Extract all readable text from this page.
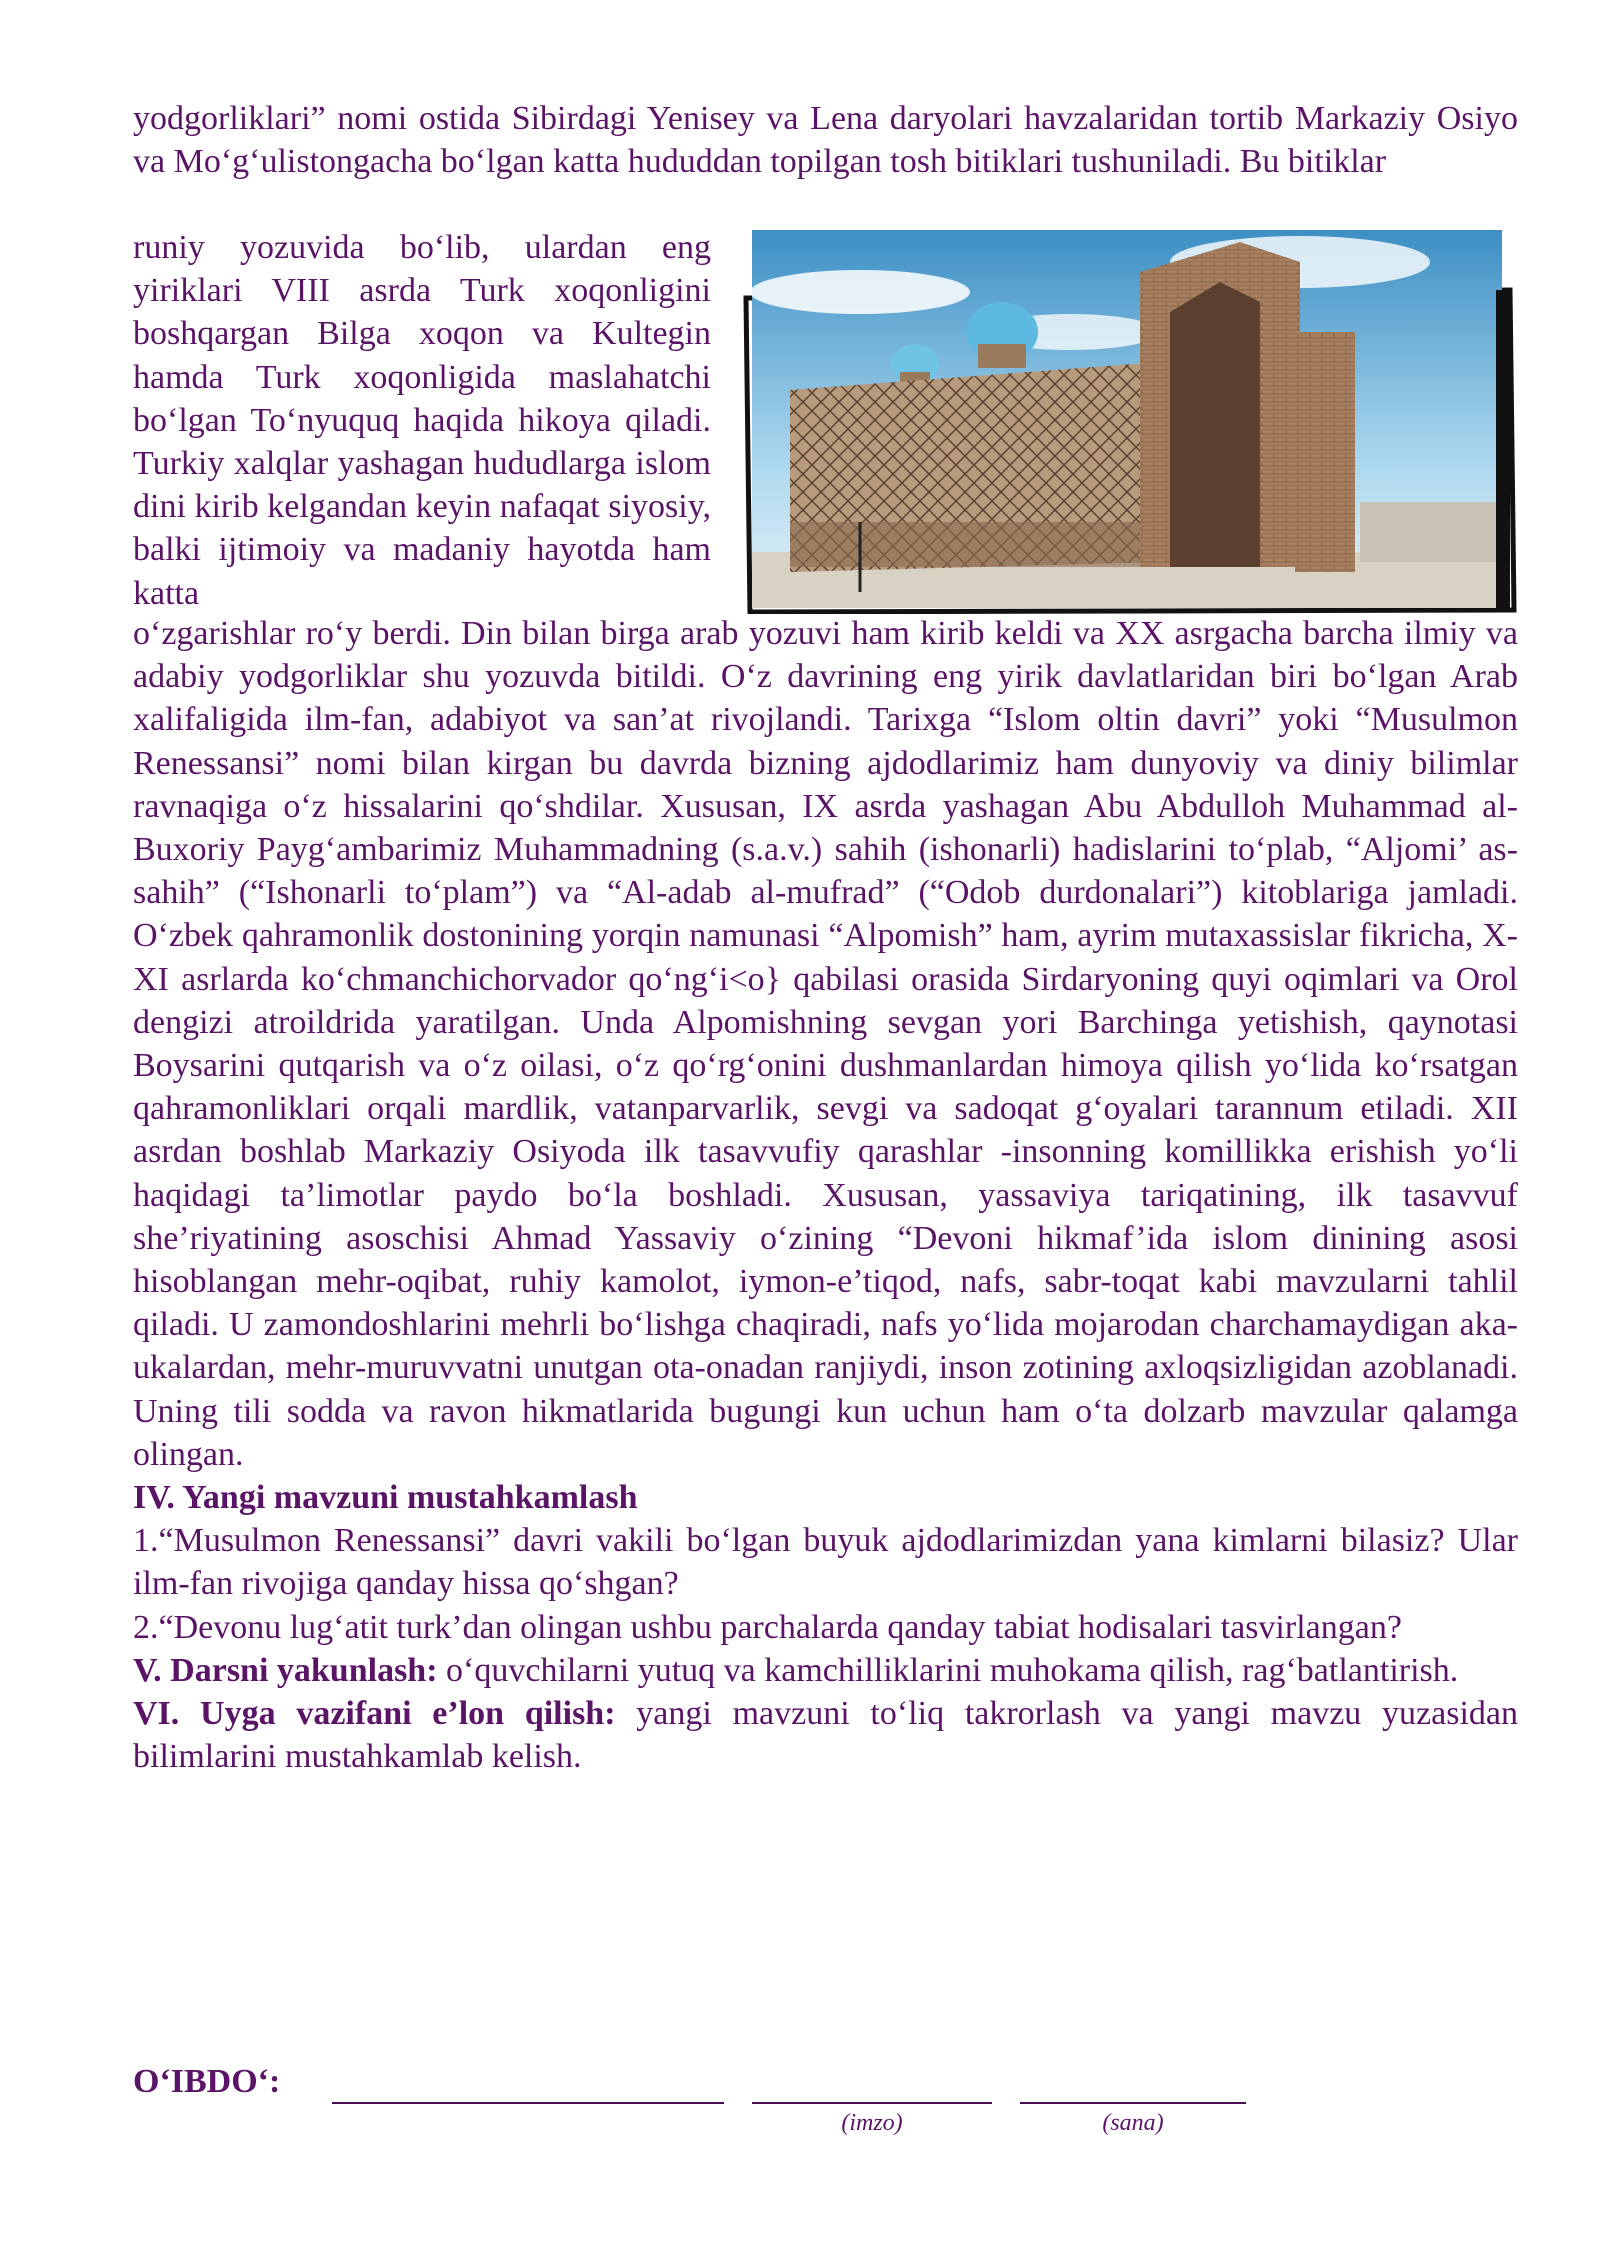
yodgorliklari” nomi ostida Sibirdagi Yenisey va Lena daryolari havzalaridan tortib Markaziy Osiyo va Mo‘g‘ulistongacha bo‘lgan katta hududdan topilgan tosh bitiklari tushuniladi. Bu bitiklar

runiy yozuvida bo‘lib, ulardan eng yiriklari VIII asrda Turk xoqonligini boshqargan Bilga xoqon va Kultegin hamda Turk xoqonligida maslahatchi bo‘lgan To‘nyuquq haqida hikoya qiladi. Turkiy xalqlar yashagan hududlarga islom dini kirib kelgandan keyin nafaqat siyosiy, balki ijtimoiy va madaniy hayotda ham katta

o‘zgarishlar ro‘y berdi. Din bilan birga arab yozuvi ham kirib keldi va XX asrgacha barcha ilmiy va adabiy yodgorliklar shu yozuvda bitildi. O‘z davrining eng yirik davlatlaridan biri bo‘lgan Arab xalifaligida ilm-fan, adabiyot va san’at rivojlandi. Tarixga “Islom oltin davri” yoki “Musulmon Renessansi” nomi bilan kirgan bu davrda bizning ajdodlarimiz ham dunyoviy va diniy bilimlar ravnaqiga o‘z hissalarini qo‘shdilar. Xususan, IX asrda yashagan Abu Abdulloh Muhammad al-Buxoriy Payg‘ambarimiz Muhammadning (s.a.v.) sahih (ishonarli) hadislarini to‘plab, “Aljomi’ as-sahih” (“Ishonarli to‘plam”) va “Al-adab al-mufrad” (“Odob durdonalari”) kitoblariga jamladi. O‘zbek qahramonlik dostonining yorqin namunasi “Alpomish” ham, ayrim mutaxassislar fikricha, X-XI asrlarda ko‘chmanchichorvador qo‘ng‘i<o} qabilasi orasida Sirdaryoning quyi oqimlari va Orol dengizi atroildrida yaratilgan. Unda Alpomishning sevgan yori Barchinga yetishish, qaynotasi Boysarini qutqarish va o‘z oilasi, o‘z qo‘rg‘onini dushmanlardan himoya qilish yo‘lida ko‘rsatgan qahramonliklari orqali mardlik, vatanparvarlik, sevgi va sadoqat g‘oyalari tarannum etiladi. XII asrdan boshlab Markaziy Osiyoda ilk tasavvufiy qarashlar -insonning komillikka erishish yo‘li haqidagi ta’limotlar paydo bo‘la boshladi. Xususan, yassaviya tariqatining, ilk tasavvuf she’riyatining asoschisi Ahmad Yassaviy o‘zining “Devoni hikmaf’ida islom dinining asosi hisoblangan mehr-oqibat, ruhiy kamolot, iymon-e’tiqod, nafs, sabr-toqat kabi mavzularni tahlil qiladi. U zamondoshlarini mehrli bo‘lishga chaqiradi, nafs yo‘lida mojarodan charchamaydigan aka-ukalardan, mehr-muruvvatni unutgan ota-onadan ranjiydi, inson zotining axloqsizligidan azoblanadi. Uning tili sodda va ravon hikmatlarida bugungi kun uchun ham o‘ta dolzarb mavzular qalamga olingan.

IV. Yangi mavzuni mustahkamlash

1.“Musulmon Renessansi” davri vakili bo‘lgan buyuk ajdodlarimizdan yana kimlarni bilasiz? Ular ilm-fan rivojiga qanday hissa qo‘shgan?

2.“Devonu lug‘atit turk’dan olingan ushbu parchalarda qanday tabiat hodisalari tasvirlangan?

V. Darsni yakunlash: o‘quvchilarni yutuq va kamchilliklarini muhokama qilish, rag‘batlantirish.

VI. Uyga vazifani e’lon qilish: yangi mavzuni to‘liq takrorlash va yangi mavzu yuzasidan bilimlarini mustahkamlab kelish.

O‘IBDO‘:
(imzo)	(sana)
